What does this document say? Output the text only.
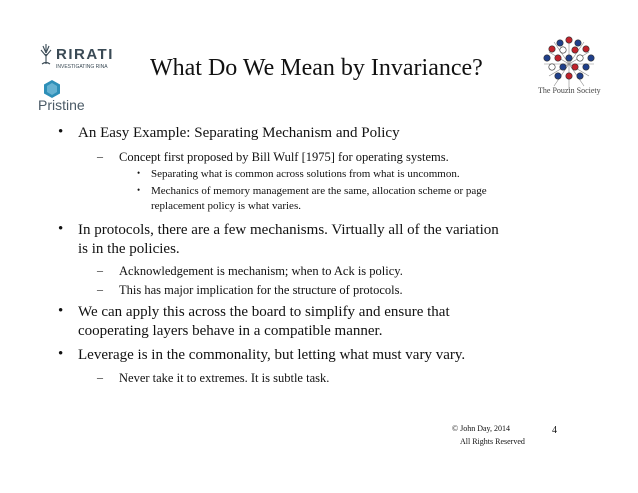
RIRATI
INVESTIGATING RINA
Pristine
The Pouzin Society
What Do We Mean by Invariance?
• An Easy Example: Separating Mechanism and Policy
– Concept first proposed by Bill Wulf [1975] for operating systems.
• Separating what is common across solutions from what is uncommon.
• Mechanics of memory management are the same, allocation scheme or page
replacement policy is what varies.
• In protocols, there are a few mechanisms. Virtually all of the variation
is in the policies.
– Acknowledgement is mechanism; when to Ack is policy.
– This has major implication for the structure of protocols.
• We can apply this across the board to simplify and ensure that
cooperating layers behave in a compatible manner.
• Leverage is in the commonality, but letting what must vary vary.
– Never take it to extremes. It is subtle task.
© John Day, 2014
All Rights Reserved
4
